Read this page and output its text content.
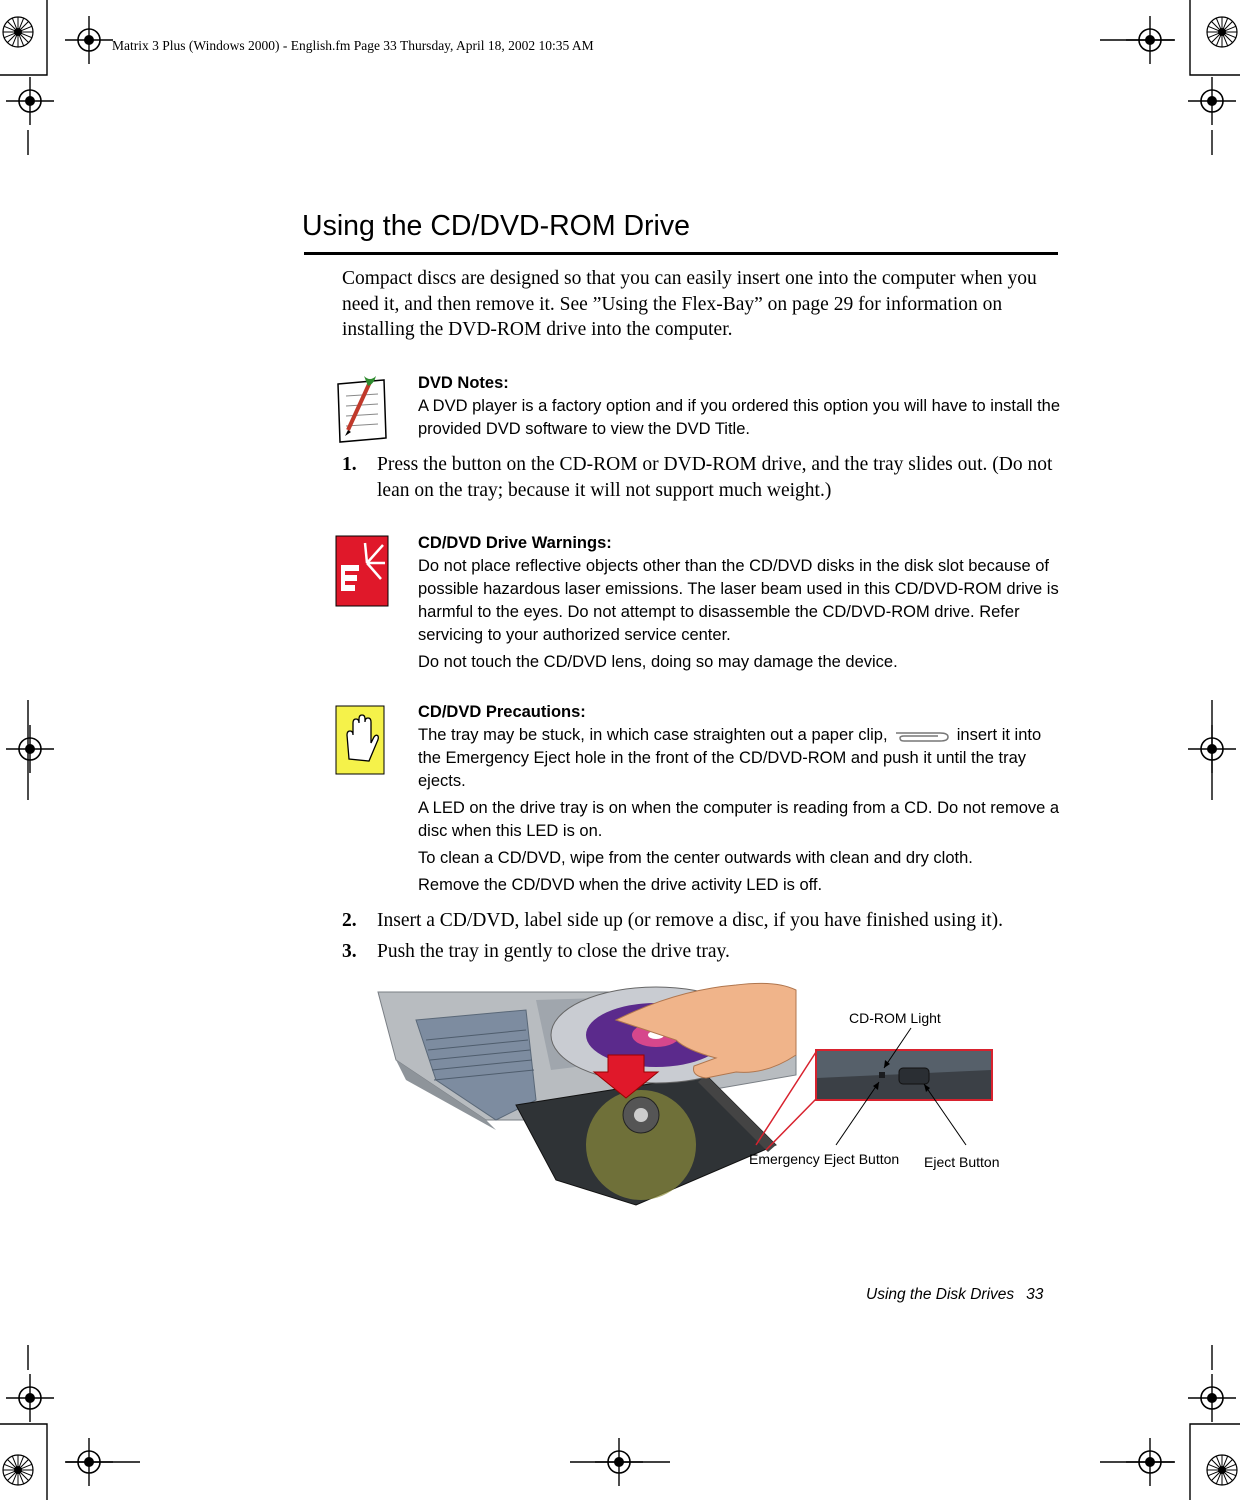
Matrix 3 Plus (Windows 2000) - English.fm Page 33 Thursday, April 18, 2002 10:35 AM
Using the CD/DVD-ROM Drive
Compact discs are designed so that you can easily insert one into the computer when you need it, and then remove it. See ”Using the Flex-Bay” on page 29 for information on installing the DVD-ROM drive into the computer.
DVD Notes:
A DVD player is a factory option and if you ordered this option you will have to install the provided DVD software to view the DVD Title.
1. Press the button on the CD-ROM or DVD-ROM drive, and the tray slides out. (Do not lean on the tray; because it will not support much weight.)
CD/DVD Drive Warnings:
Do not place reflective objects other than the CD/DVD disks in the disk slot because of possible hazardous laser emissions. The laser beam used in this CD/DVD-ROM drive is harmful to the eyes. Do not attempt to disassemble the CD/DVD-ROM drive. Refer servicing to your authorized service center.
Do not touch the CD/DVD lens, doing so may damage the device.
CD/DVD Precautions:
The tray may be stuck, in which case straighten out a paper clip,	insert it into the Emergency Eject hole in the front of the CD/DVD-ROM and push it until the tray ejects.
A LED on the drive tray is on when the computer is reading from a CD. Do not remove a disc when this LED is on.
To clean a CD/DVD, wipe from the center outwards with clean and dry cloth.
Remove the CD/DVD when the drive activity LED is off.
2. Insert a CD/DVD, label side up (or remove a disc, if you have finished using it).
3. Push the tray in gently to close the drive tray.
CD-ROM Light
Emergency Eject Button Eject Button
Using the Disk Drives 33
